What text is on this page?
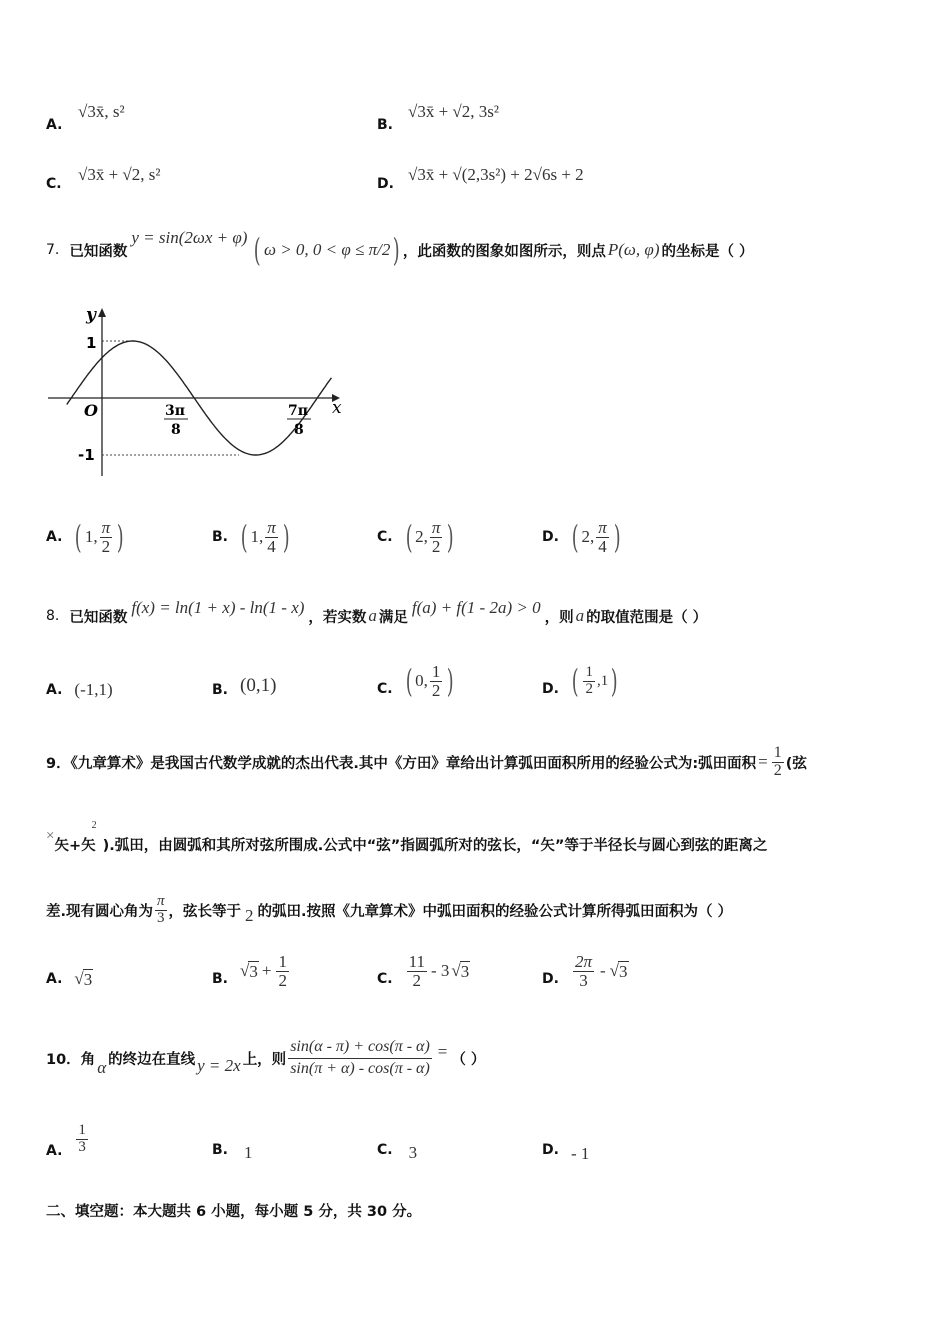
A.
√3x̄, s²
B.
√3x̄ + √2, 3s²
C. √3x̄ + √2, s²	D. √3x̄ + √(2,3s²) + 2√6s + 2
7. 已知函数
y = sin(2ωx + φ) ( ω > 0, 0 < φ ≤ π/2 ) ，此函数的图象如图所示，则点 P(ω, φ) 的坐标是（ ）
y
x
O
1
-1
3π
8
7π
8
A. ( 1, $\frac{\pi}{2}$ )	B. ( 1, $\frac{\pi}{4}$ )	C. ( 2, $\frac{\pi}{2}$ )	D. ( 2, $\frac{\pi}{4}$ )
8. 已知函数
f(x) = ln(1 + x) - ln(1 - x)
，若实数 a 满足
f(a) + f(1 - 2a) > 0
，则 a 的取值范围是（ ）
A. (-1,1)	B. (0,1)	C. ( 0, $\frac{1}{2}$ )	D. ( $\frac{1}{2} ,1$ )
9．《九章算术》是我国古代数学成就的杰出代表.其中《方田》章给出计算弧田面积所用的经验公式为:弧田面积 = $\frac{1}{2}$ (弦
×
矢+矢
2
).弧田，由圆弧和其所对弦所围成.公式中“弦”指圆弧所对的弦长，“矢”等于半径长与圆心到弦的距离之
差.现有圆心角为 $\frac{\pi}{3}$ ，弦长等于 2 的弧田.按照《九章算术》中弧田面积的经验公式计算所得弧田面积为（ ）
A. √ 3	B. √ $3 + \frac{1}{2}$	C. $\frac{11}{2} - 3$ √ 3	D. $\frac{2\pi}{3}$ - √ 3
10．角 α 的终边在直线 y = 2x 上，则 $\frac{\sin(\alpha - \pi) + \cos(\pi - \alpha)}{\sin(\pi + \alpha) - \cos(\pi - \alpha)}$ = （ ）
A. $\frac{1}{3}$	B. 1	C. 3	D. - 1
二、填空题：本大题共 6 小题，每小题 5 分，共 30 分。
